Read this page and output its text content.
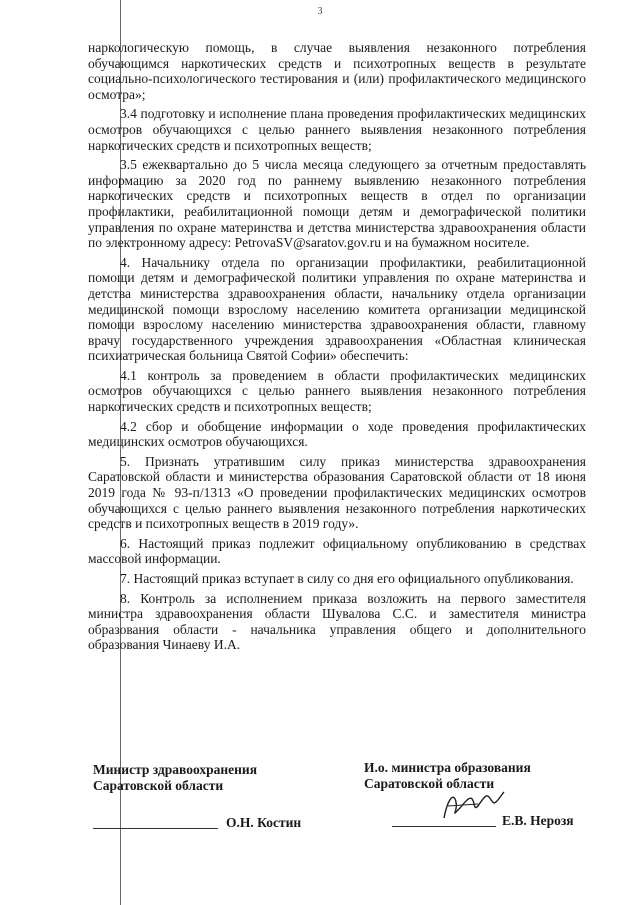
3

наркологическую помощь, в случае выявления незаконного потребления обучающимся наркотических средств и психотропных веществ в результате социально-психологического тестирования и (или) профилактического медицинского осмотра»;

3.4 подготовку и исполнение плана проведения профилактических медицинских осмотров обучающихся с целью раннего выявления незаконного потребления наркотических средств и психотропных веществ;

3.5 ежеквартально до 5 числа месяца следующего за отчетным предоставлять информацию за 2020 год по раннему выявлению незаконного потребления наркотических средств и психотропных веществ в отдел по организации профилактики, реабилитационной помощи детям и демографической политики управления по охране материнства и детства министерства здравоохранения области по электронному адресу: PetrovaSV@saratov.gov.ru и на бумажном носителе.

4. Начальнику отдела по организации профилактики, реабилитационной помощи детям и демографической политики управления по охране материнства и детства министерства здравоохранения области, начальнику отдела организации медицинской помощи взрослому населению комитета организации медицинской помощи взрослому населению министерства здравоохранения области, главному врачу государственного учреждения здравоохранения «Областная клиническая психиатрическая больница Святой Софии» обеспечить:

4.1 контроль за проведением в области профилактических медицинских осмотров обучающихся с целью раннего выявления незаконного потребления наркотических средств и психотропных веществ;

4.2 сбор и обобщение информации о ходе проведения профилактических медицинских осмотров обучающихся.

5. Признать утратившим силу приказ министерства здравоохранения Саратовской области и министерства образования Саратовской области от 18 июня 2019 года № 93-п/1313 «О проведении профилактических медицинских осмотров обучающихся с целью раннего выявления незаконного потребления наркотических средств и психотропных веществ в 2019 году».

6. Настоящий приказ подлежит официальному опубликованию в средствах массовой информации.

7. Настоящий приказ вступает в силу со дня его официального опубликования.

8. Контроль за исполнением приказа возложить на первого заместителя министра здравоохранения области Шувалова С.С. и заместителя министра образования области - начальника управления общего и дополнительного образования Чинаеву И.А.

Министр здравоохранения
Саратовской области
О.Н. Костин
И.о. министра образования
Саратовской области
Е.В. Нерозя
